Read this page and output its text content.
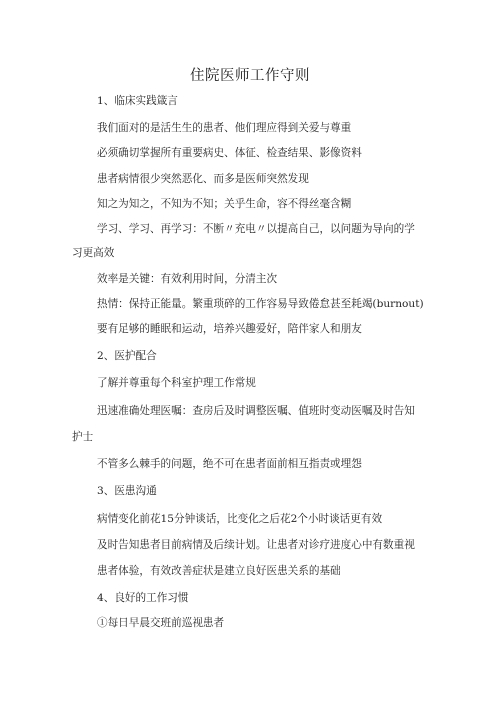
住院医师工作守则
1、临床实践箴言
我们面对的是活生生的患者、他们理应得到关爱与尊重
必须确切掌握所有重要病史、体征、检查结果、影像资料
患者病情很少突然恶化、而多是医师突然发现
知之为知之，不知为不知；关乎生命，容不得丝毫含糊
学习、学习、再学习：不断〃充电〃以提高自己，以问题为导向的学
习更高效
效率是关键：有效利用时间，分清主次
热情：保持正能量。繁重琐碎的工作容易导致倦怠甚至耗竭(burnout)
要有足够的睡眠和运动，培养兴趣爱好，陪伴家人和朋友
2、医护配合
了解并尊重每个科室护理工作常规
迅速准确处理医嘱：查房后及时调整医嘱、值班时变动医嘱及时告知
护士
不管多么棘手的问题，绝不可在患者面前相互指责或埋怨
3、医患沟通
病情变化前花15分钟谈话，比变化之后花2个小时谈话更有效
及时告知患者目前病情及后续计划。让患者对诊疗进度心中有数重视
患者体验，有效改善症状是建立良好医患关系的基础
4、良好的工作习惯
①每日早晨交班前巡视患者
